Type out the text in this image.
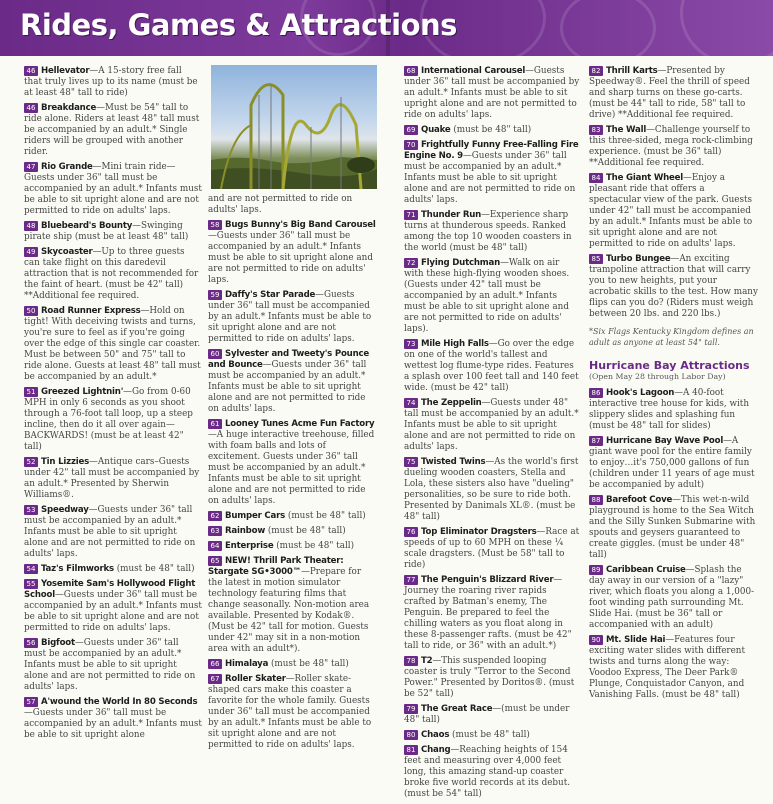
Rides, Games & Attractions
46 Hellevator—A 15-story free fall that truly lives up to its name (must be at least 48" tall to ride)
46 Breakdance—Must be 54" tall to ride alone. Riders at least 48" tall must be accompanied by an adult.* Single riders will be grouped with another rider.
47 Rio Grande—Mini train ride—Guests under 36" tall must be accompanied by an adult.* Infants must be able to sit upright alone and are not permitted to ride on adults' laps.
48 Bluebeard's Bounty—Swinging pirate ship (must be at least 48" tall)
49 Skycoaster—Up to three guests can take flight on this daredevil attraction that is not recommended for the faint of heart. (must be 42" tall) **Additional fee required.
50 Road Runner Express—Hold on tight! With deceiving twists and turns, you're sure to feel as if you're going over the edge of this single car coaster. Must be between 50" and 75" tall to ride alone. Guests at least 48" tall must be accompanied by an adult.*
51 Greezed Lightnin'—Go from 0-60 MPH in only 6 seconds as you shoot through a 76-foot tall loop, up a steep incline, then do it all over again—BACKWARDS! (must be at least 42" tall)
52 Tin Lizzies—Antique cars–Guests under 42" tall must be accompanied by an adult.* Presented by Sherwin Williams®.
53 Speedway—Guests under 36" tall must be accompanied by an adult.* Infants must be able to sit upright alone and are not permitted to ride on adults' laps.
54 Taz's Filmworks (must be 48" tall)
55 Yosemite Sam's Hollywood Flight School—Guests under 36" tall must be accompanied by an adult.* Infants must be able to sit upright alone and are not permitted to ride on adults' laps.
56 Bigfoot—Guests under 36" tall must be accompanied by an adult.* Infants must be able to sit upright alone and are not permitted to ride on adults' laps.
57 A'wound the World In 80 Seconds—Guests under 36" tall must be accompanied by an adult.* Infants must be able to sit upright alone
and are not permitted to ride on adults' laps.
58 Bugs Bunny's Big Band Carousel—Guests under 36" tall must be accompanied by an adult.* Infants must be able to sit upright alone and are not permitted to ride on adults' laps.
59 Daffy's Star Parade—Guests under 36" tall must be accompanied by an adult.* Infants must be able to sit upright alone and are not permitted to ride on adults' laps.
60 Sylvester and Tweety's Pounce and Bounce—Guests under 36" tall must be accompanied by an adult.* Infants must be able to sit upright alone and are not permitted to ride on adults' laps.
61 Looney Tunes Acme Fun Factory—A huge interactive treehouse, filled with foam balls and lots of excitement. Guests under 36" tall must be accompanied by an adult.* Infants must be able to sit upright alone and are not permitted to ride on adults' laps.
62 Bumper Cars (must be 48" tall)
63 Rainbow (must be 48" tall)
64 Enterprise (must be 48" tall)
65 NEW! Thrill Park Theater: Stargate SG•3000™—Prepare for the latest in motion simulator technology featuring films that change seasonally. Non-motion area available. Presented by Kodak®. (Must be 42" tall for motion. Guests under 42" may sit in a non-motion area with an adult*).
66 Himalaya (must be 48" tall)
67 Roller Skater—Roller skate-shaped cars make this coaster a favorite for the whole family. Guests under 36" tall must be accompanied by an adult.* Infants must be able to sit upright alone and are not permitted to ride on adults' laps.
68 International Carousel—Guests under 36" tall must be accompanied by an adult.* Infants must be able to sit upright alone and are not permitted to ride on adults' laps.
69 Quake (must be 48" tall)
70 Frightfully Funny Free-Falling Fire Engine No. 9—Guests under 36" tall must be accompanied by an adult.* Infants must be able to sit upright alone and are not permitted to ride on adults' laps.
71 Thunder Run—Experience sharp turns at thunderous speeds. Ranked among the top 10 wooden coasters in the world (must be 48" tall)
72 Flying Dutchman—Walk on air with these high-flying wooden shoes. (Guests under 42" tall must be accompanied by an adult.* Infants must be able to sit upright alone and are not permitted to ride on adults' laps).
73 Mile High Falls—Go over the edge on one of the world's tallest and wettest log flume-type rides. Features a splash over 100 feet tall and 140 feet wide. (must be 42" tall)
74 The Zeppelin—Guests under 48" tall must be accompanied by an adult.* Infants must be able to sit upright alone and are not permitted to ride on adults' laps.
75 Twisted Twins—As the world's first dueling wooden coasters, Stella and Lola, these sisters also have "dueling" personalities, so be sure to ride both. Presented by Danimals XL®. (must be 48" tall)
76 Top Eliminator Dragsters—Race at speeds of up to 60 MPH on these ¼ scale dragsters. (Must be 58" tall to ride)
77 The Penguin's Blizzard River—Journey the roaring river rapids crafted by Batman's enemy, The Penguin. Be prepared to feel the chilling waters as you float along in these 8-passenger rafts. (must be 42" tall to ride, or 36" with an adult.*)
78 T2—This suspended looping coaster is truly "Terror to the Second Power." Presented by Doritos®. (must be 52" tall)
79 The Great Race—(must be under 48" tall)
80 Chaos (must be 48" tall)
81 Chang—Reaching heights of 154 feet and measuring over 4,000 feet long, this amazing stand-up coaster broke five world records at its debut. (must be 54" tall)
82 Thrill Karts—Presented by Speedway®. Feel the thrill of speed and sharp turns on these go-carts. (must be 44" tall to ride, 58" tall to drive) **Additional fee required.
83 The Wall—Challenge yourself to this three-sided, mega rock-climbing experience. (must be 36" tall) **Additional fee required.
84 The Giant Wheel—Enjoy a pleasant ride that offers a spectacular view of the park. Guests under 42" tall must be accompanied by an adult.* Infants must be able to sit upright alone and are not permitted to ride on adults' laps.
85 Turbo Bungee—An exciting trampoline attraction that will carry you to new heights, put your acrobatic skills to the test. How many flips can you do? (Riders must weigh between 20 lbs. and 220 lbs.)
*Six Flags Kentucky Kingdom defines an adult as anyone at least 54" tall.
Hurricane Bay Attractions
(Open May 28 through Labor Day)
86 Hook's Lagoon—A 40-foot interactive tree house for kids, with slippery slides and splashing fun (must be 48" tall for slides)
87 Hurricane Bay Wave Pool—A giant wave pool for the entire family to enjoy…it's 750,000 gallons of fun (children under 11 years of age must be accompanied by adult)
88 Barefoot Cove—This wet-n-wild playground is home to the Sea Witch and the Silly Sunken Submarine with spouts and geysers guaranteed to create giggles. (must be under 48" tall)
89 Caribbean Cruise—Splash the day away in our version of a "lazy" river, which floats you along a 1,000-foot winding path surrounding Mt. Slide Hai. (must be 36" tall or accompanied with an adult)
90 Mt. Slide Hai—Features four exciting water slides with different twists and turns along the way: Voodoo Express, The Deer Park® Plunge, Conquistador Canyon, and Vanishing Falls. (must be 48" tall)
